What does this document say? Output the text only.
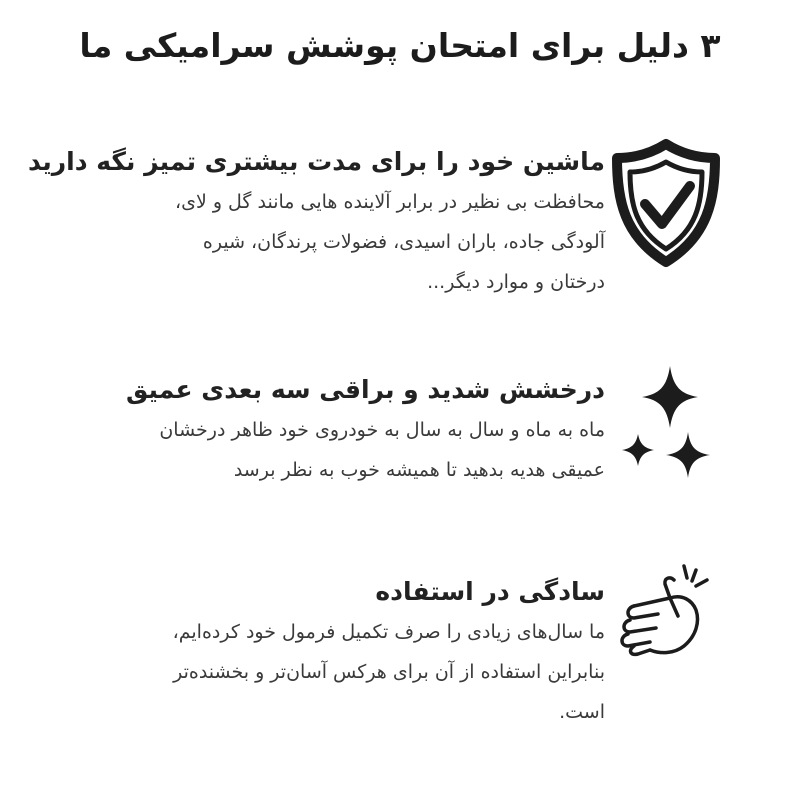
۳ دلیل برای امتحان پوشش سرامیکی ما

ماشین خود را برای مدت بیشتری تمیز نگه دارید

محافظت بی نظیر در برابر آلاینده هایی مانند گل و لای،
آلودگی جاده، باران اسیدی، فضولات پرندگان، شیره
درختان و موارد دیگر...

درخشش شدید و براقی سه بعدی عمیق

ماه به ماه و سال به سال به خودروی خود ظاهر درخشان
عمیقی هدیه بدهید تا همیشه خوب به نظر برسد

سادگی در استفاده

ما سال‌های زیادی را صرف تکمیل فرمول خود کرده‌ایم،
بنابراین استفاده از آن برای هرکس آسان‌تر و بخشنده‌تر
است.
